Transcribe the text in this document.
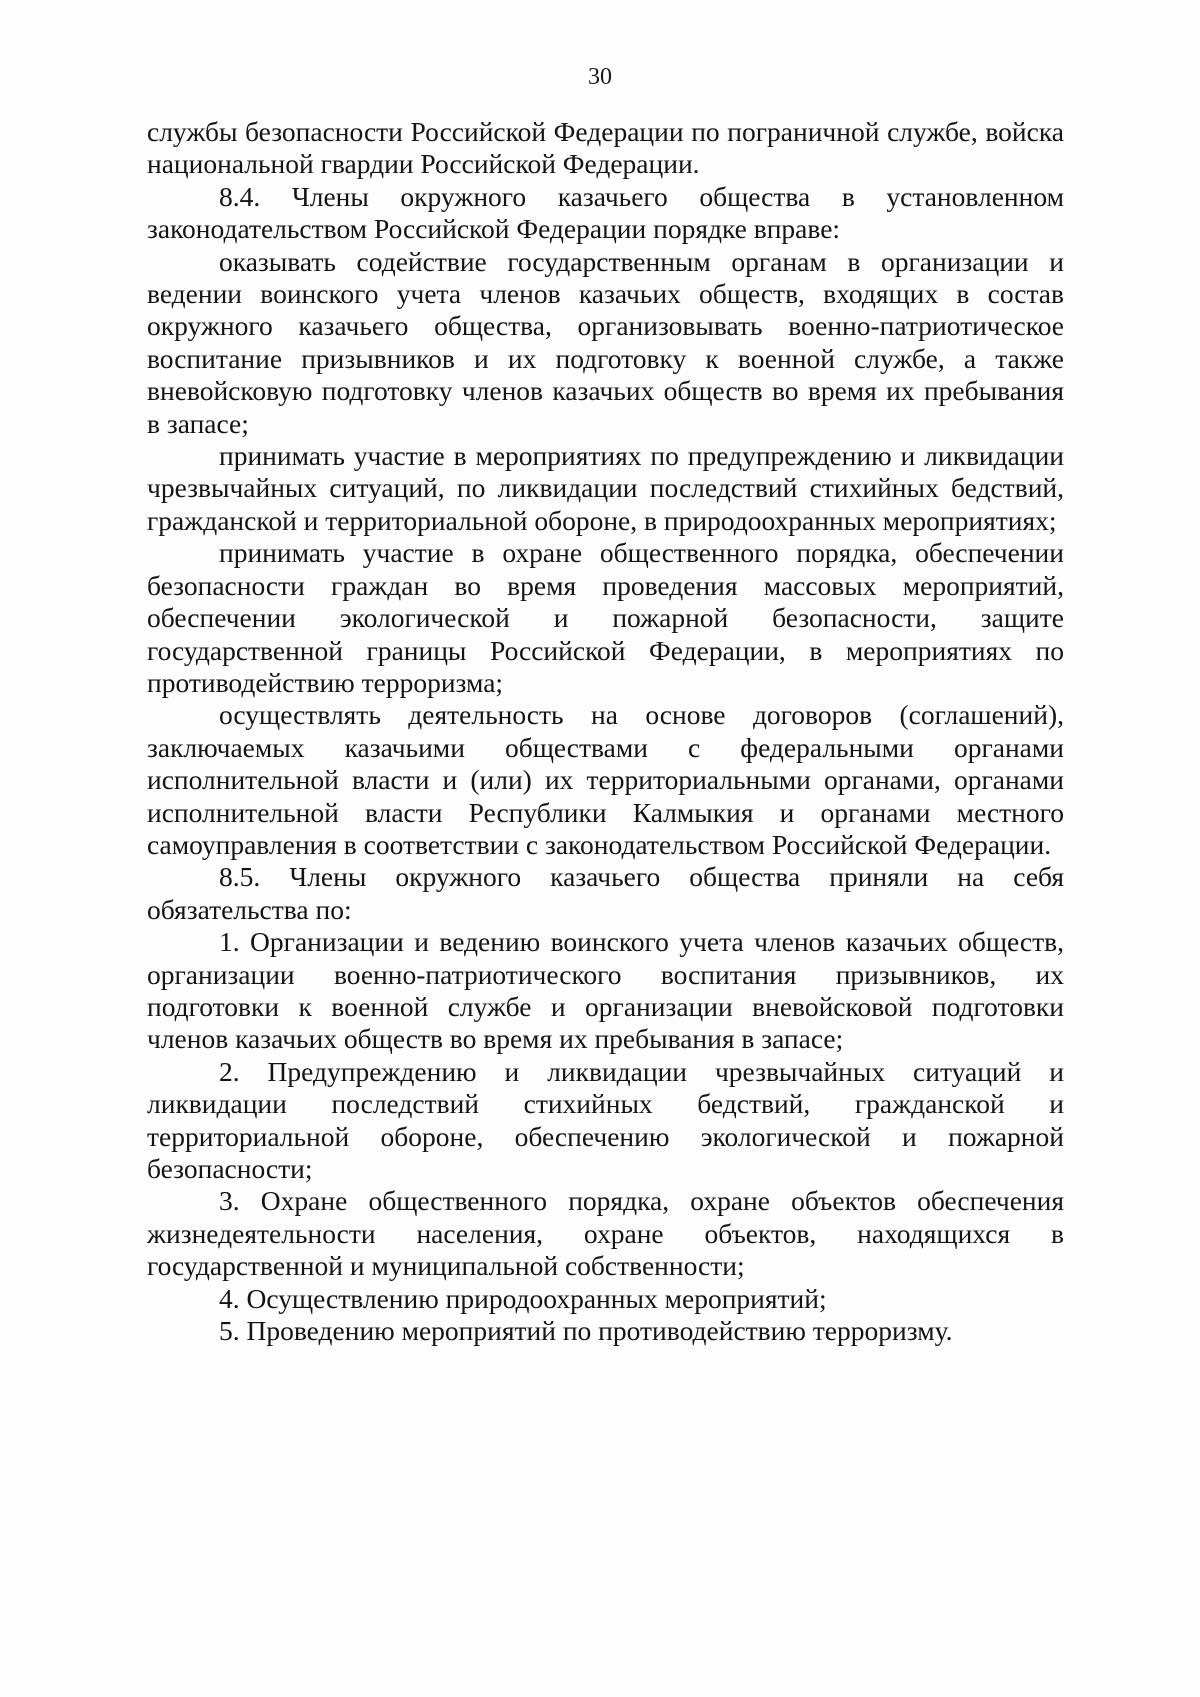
30

службы безопасности Российской Федерации по пограничной службе, войска национальной гвардии Российской Федерации.

8.4. Члены окружного казачьего общества в установленном законодательством Российской Федерации порядке вправе:

оказывать содействие государственным органам в организации и ведении воинского учета членов казачьих обществ, входящих в состав окружного казачьего общества, организовывать военно-патриотическое воспитание призывников и их подготовку к военной службе, а также вневойсковую подготовку членов казачьих обществ во время их пребывания в запасе;

принимать участие в мероприятиях по предупреждению и ликвидации чрезвычайных ситуаций, по ликвидации последствий стихийных бедствий, гражданской и территориальной обороне, в природоохранных мероприятиях;

принимать участие в охране общественного порядка, обеспечении безопасности граждан во время проведения массовых мероприятий, обеспечении экологической и пожарной безопасности, защите государственной границы Российской Федерации, в мероприятиях по противодействию терроризма;

осуществлять деятельность на основе договоров (соглашений), заключаемых казачьими обществами с федеральными органами исполнительной власти и (или) их территориальными органами, органами исполнительной власти Республики Калмыкия и органами местного самоуправления в соответствии с законодательством Российской Федерации.

8.5. Члены окружного казачьего общества приняли на себя обязательства по:

1. Организации и ведению воинского учета членов казачьих обществ, организации военно-патриотического воспитания призывников, их подготовки к военной службе и организации вневойсковой подготовки членов казачьих обществ во время их пребывания в запасе;

2. Предупреждению и ликвидации чрезвычайных ситуаций и ликвидации последствий стихийных бедствий, гражданской и территориальной обороне, обеспечению экологической и пожарной безопасности;

3. Охране общественного порядка, охране объектов обеспечения жизнедеятельности населения, охране объектов, находящихся в государственной и муниципальной собственности;

4. Осуществлению природоохранных мероприятий;

5. Проведению мероприятий по противодействию терроризму.
